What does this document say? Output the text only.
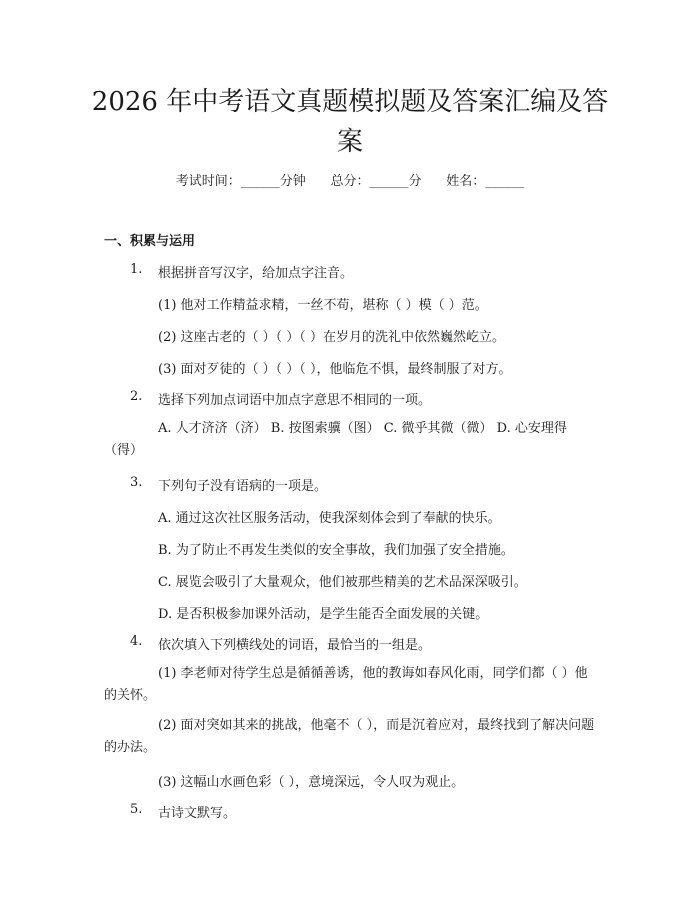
2026 年中考语文真题模拟题及答案汇编及答案
考试时间：______分钟      总分：______分      姓名：______
一、积累与运用
1. 根据拼音写汉字，给加点字注音。
(1) 他对工作精益求精，一丝不苟，堪称（ ）模（ ）范。
(2) 这座古老的（ ）（ ）（ ）在岁月的洗礼中依然巍然屹立。
(3) 面对歹徒的（ ）（ ）（ ），他临危不惧，最终制服了对方。
2. 选择下列加点词语中加点字意思不相同的一项。

A. 人才济济（济） B. 按图索骥（图） C. 微乎其微（微） D. 心安理得（得）

3. 下列句子没有语病的一项是。
A. 通过这次社区服务活动，使我深刻体会到了奉献的快乐。
B. 为了防止不再发生类似的安全事故，我们加强了安全措施。
C. 展览会吸引了大量观众，他们被那些精美的艺术品深深吸引。
D. 是否积极参加课外活动，是学生能否全面发展的关键。
4. 依次填入下列横线处的词语，最恰当的一组是。

(1) 李老师对待学生总是循循善诱，他的教诲如春风化雨，同学们都（ ）他的关怀。

(2) 面对突如其来的挑战，他毫不（ ），而是沉着应对，最终找到了解决问题的办法。

(3) 这幅山水画色彩（ ），意境深远，令人叹为观止。
5. 古诗文默写。
